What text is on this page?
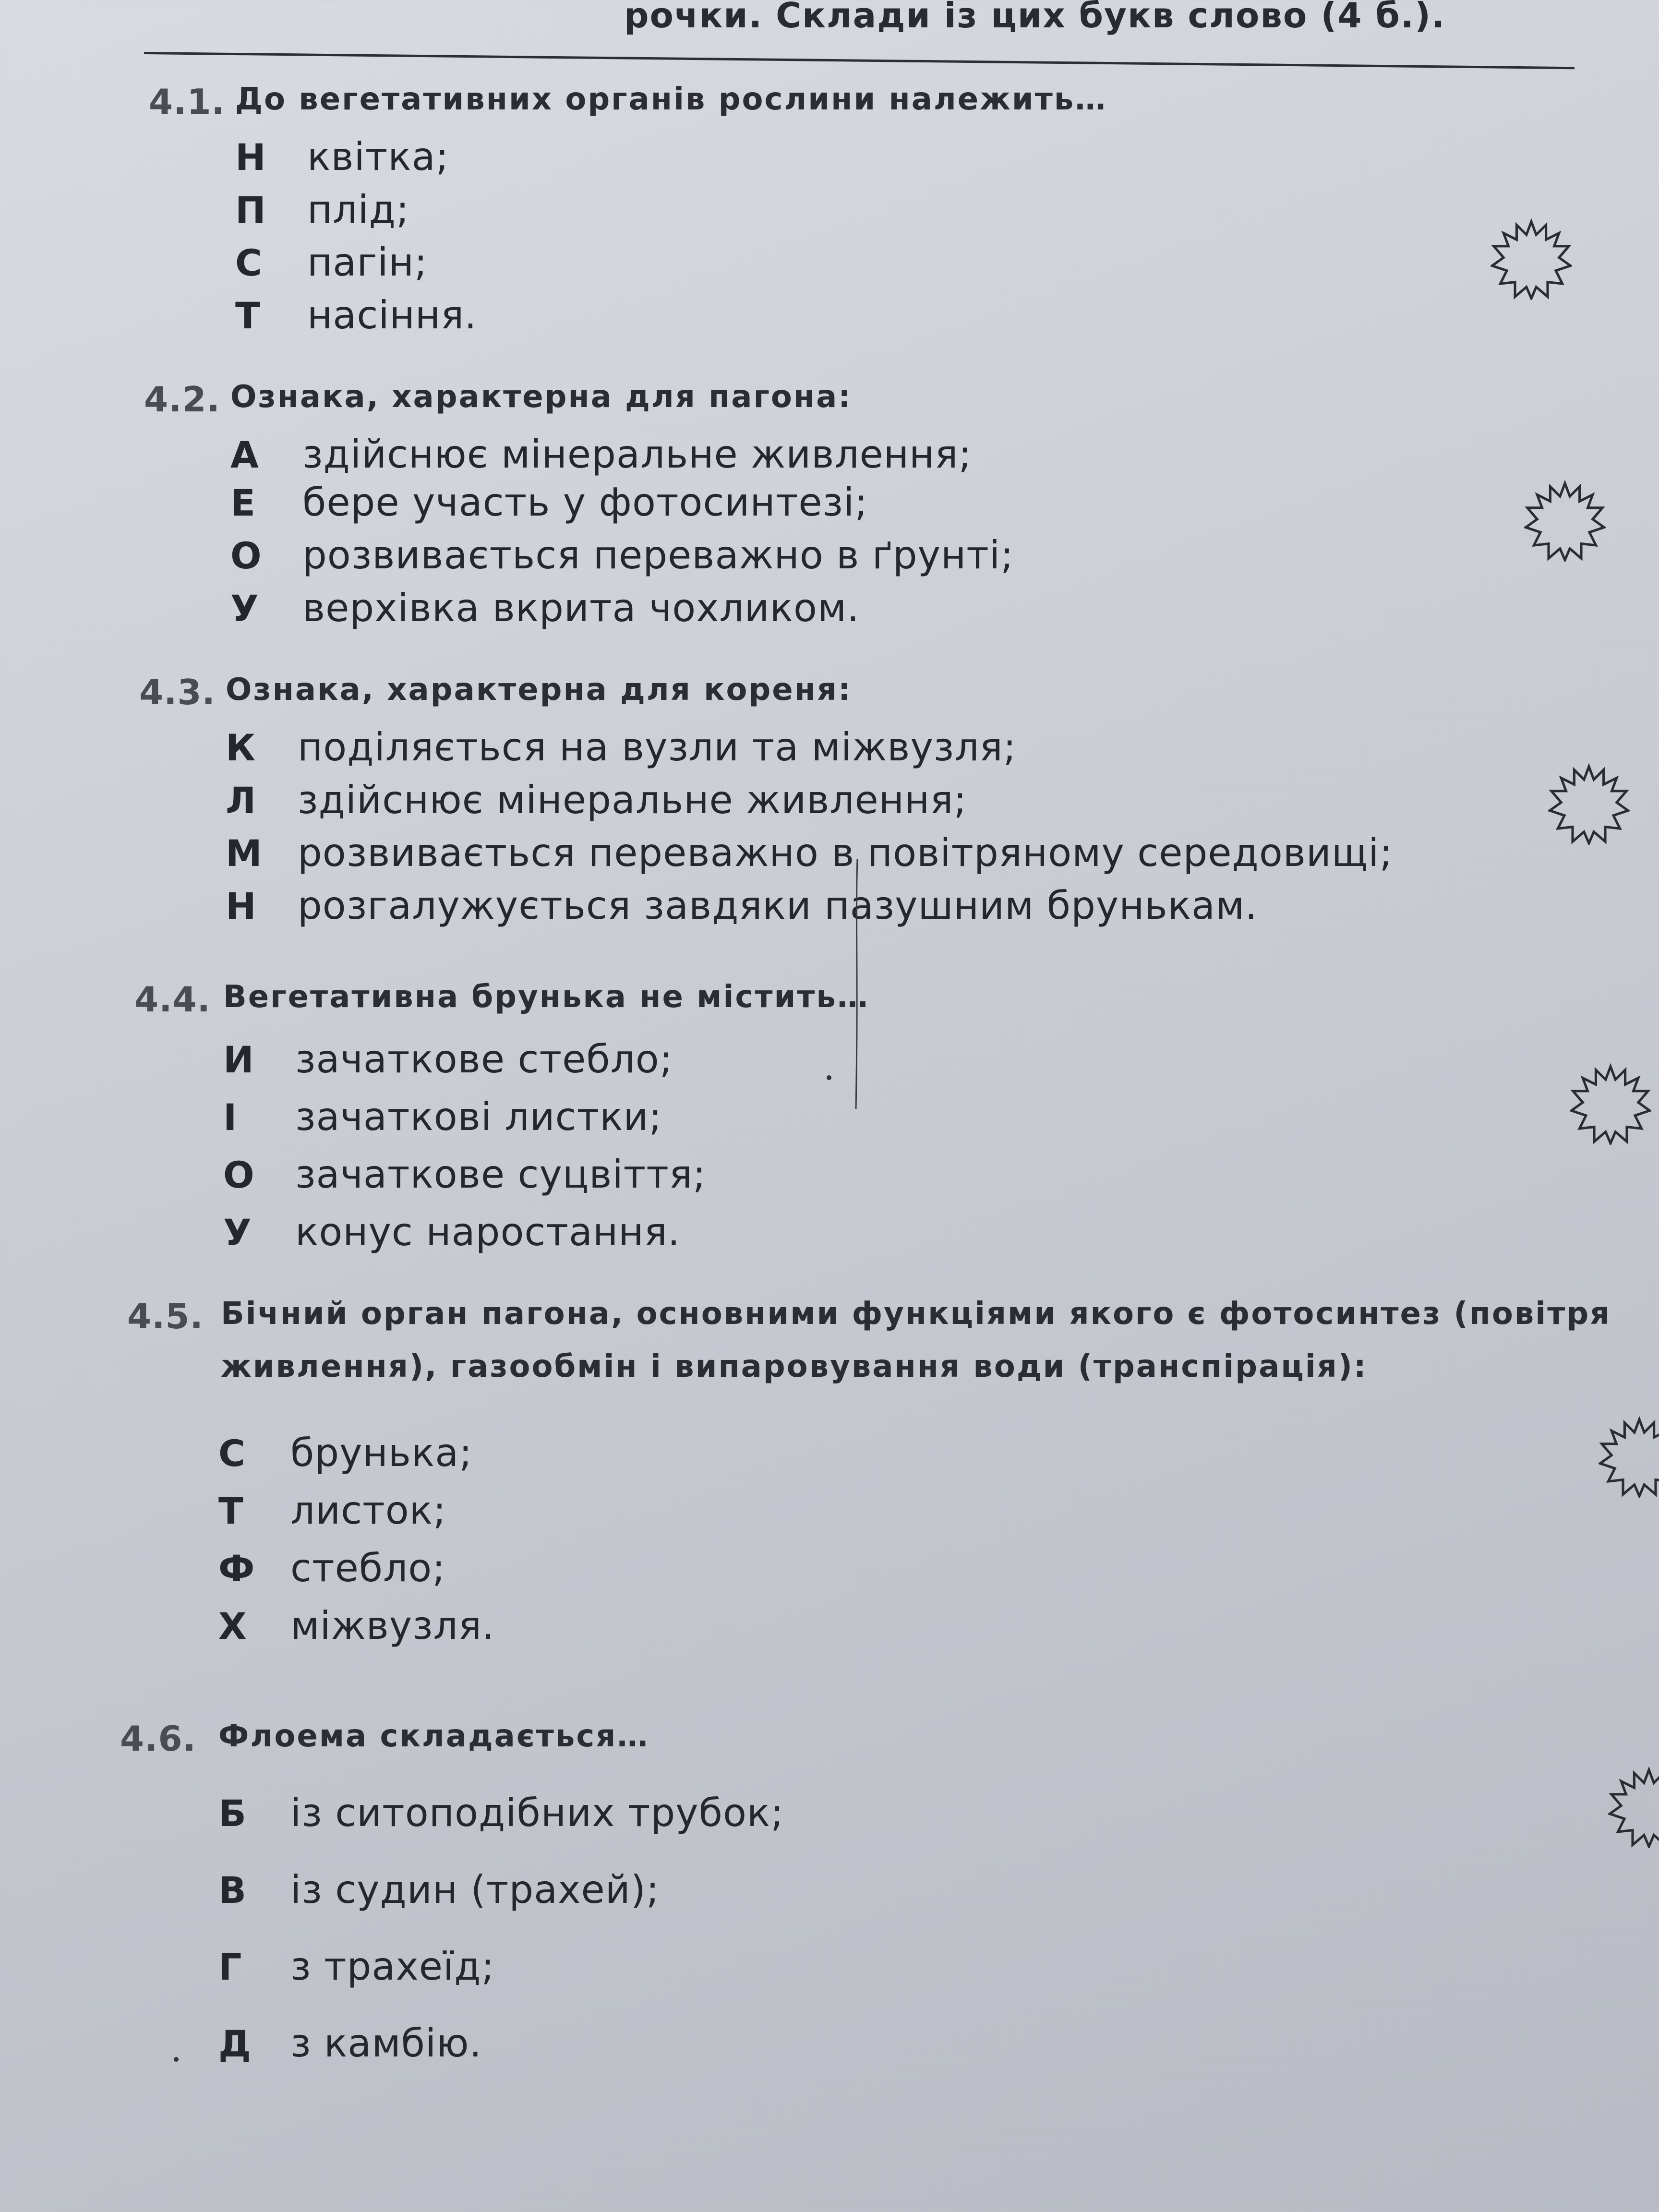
рочки. Склади із цих букв слово (4 б.).
4.1. До вегетативних органів рослини належить…
Н квітка;
П плід;
С пагін;
Т насіння.
4.2. Ознака, характерна для пагона:
А здійснює мінеральне живлення;
Е бере участь у фотосинтезі;
О розвивається переважно в ґрунті;
У верхівка вкрита чохликом.
4.3. Ознака, характерна для кореня:
К поділяється на вузли та міжвузля;
Л здійснює мінеральне живлення;
М розвивається переважно в повітряному середовищі;
Н розгалужується завдяки пазушним брунькам.
4.4. Вегетативна брунька не містить…
И зачаткове стебло;
І зачаткові листки;
О зачаткове суцвіття;
У конус наростання.
4.5. Бічний орган пагона, основними функціями якого є фотосинтез (повітря
живлення), газообмін і випаровування води (транспірація):
С брунька;
Т листок;
Ф стебло;
Х міжвузля.
4.6. Флоема складається…
Б із ситоподібних трубок;
В із судин (трахей);
Г з трахеїд;
Д з камбію.
